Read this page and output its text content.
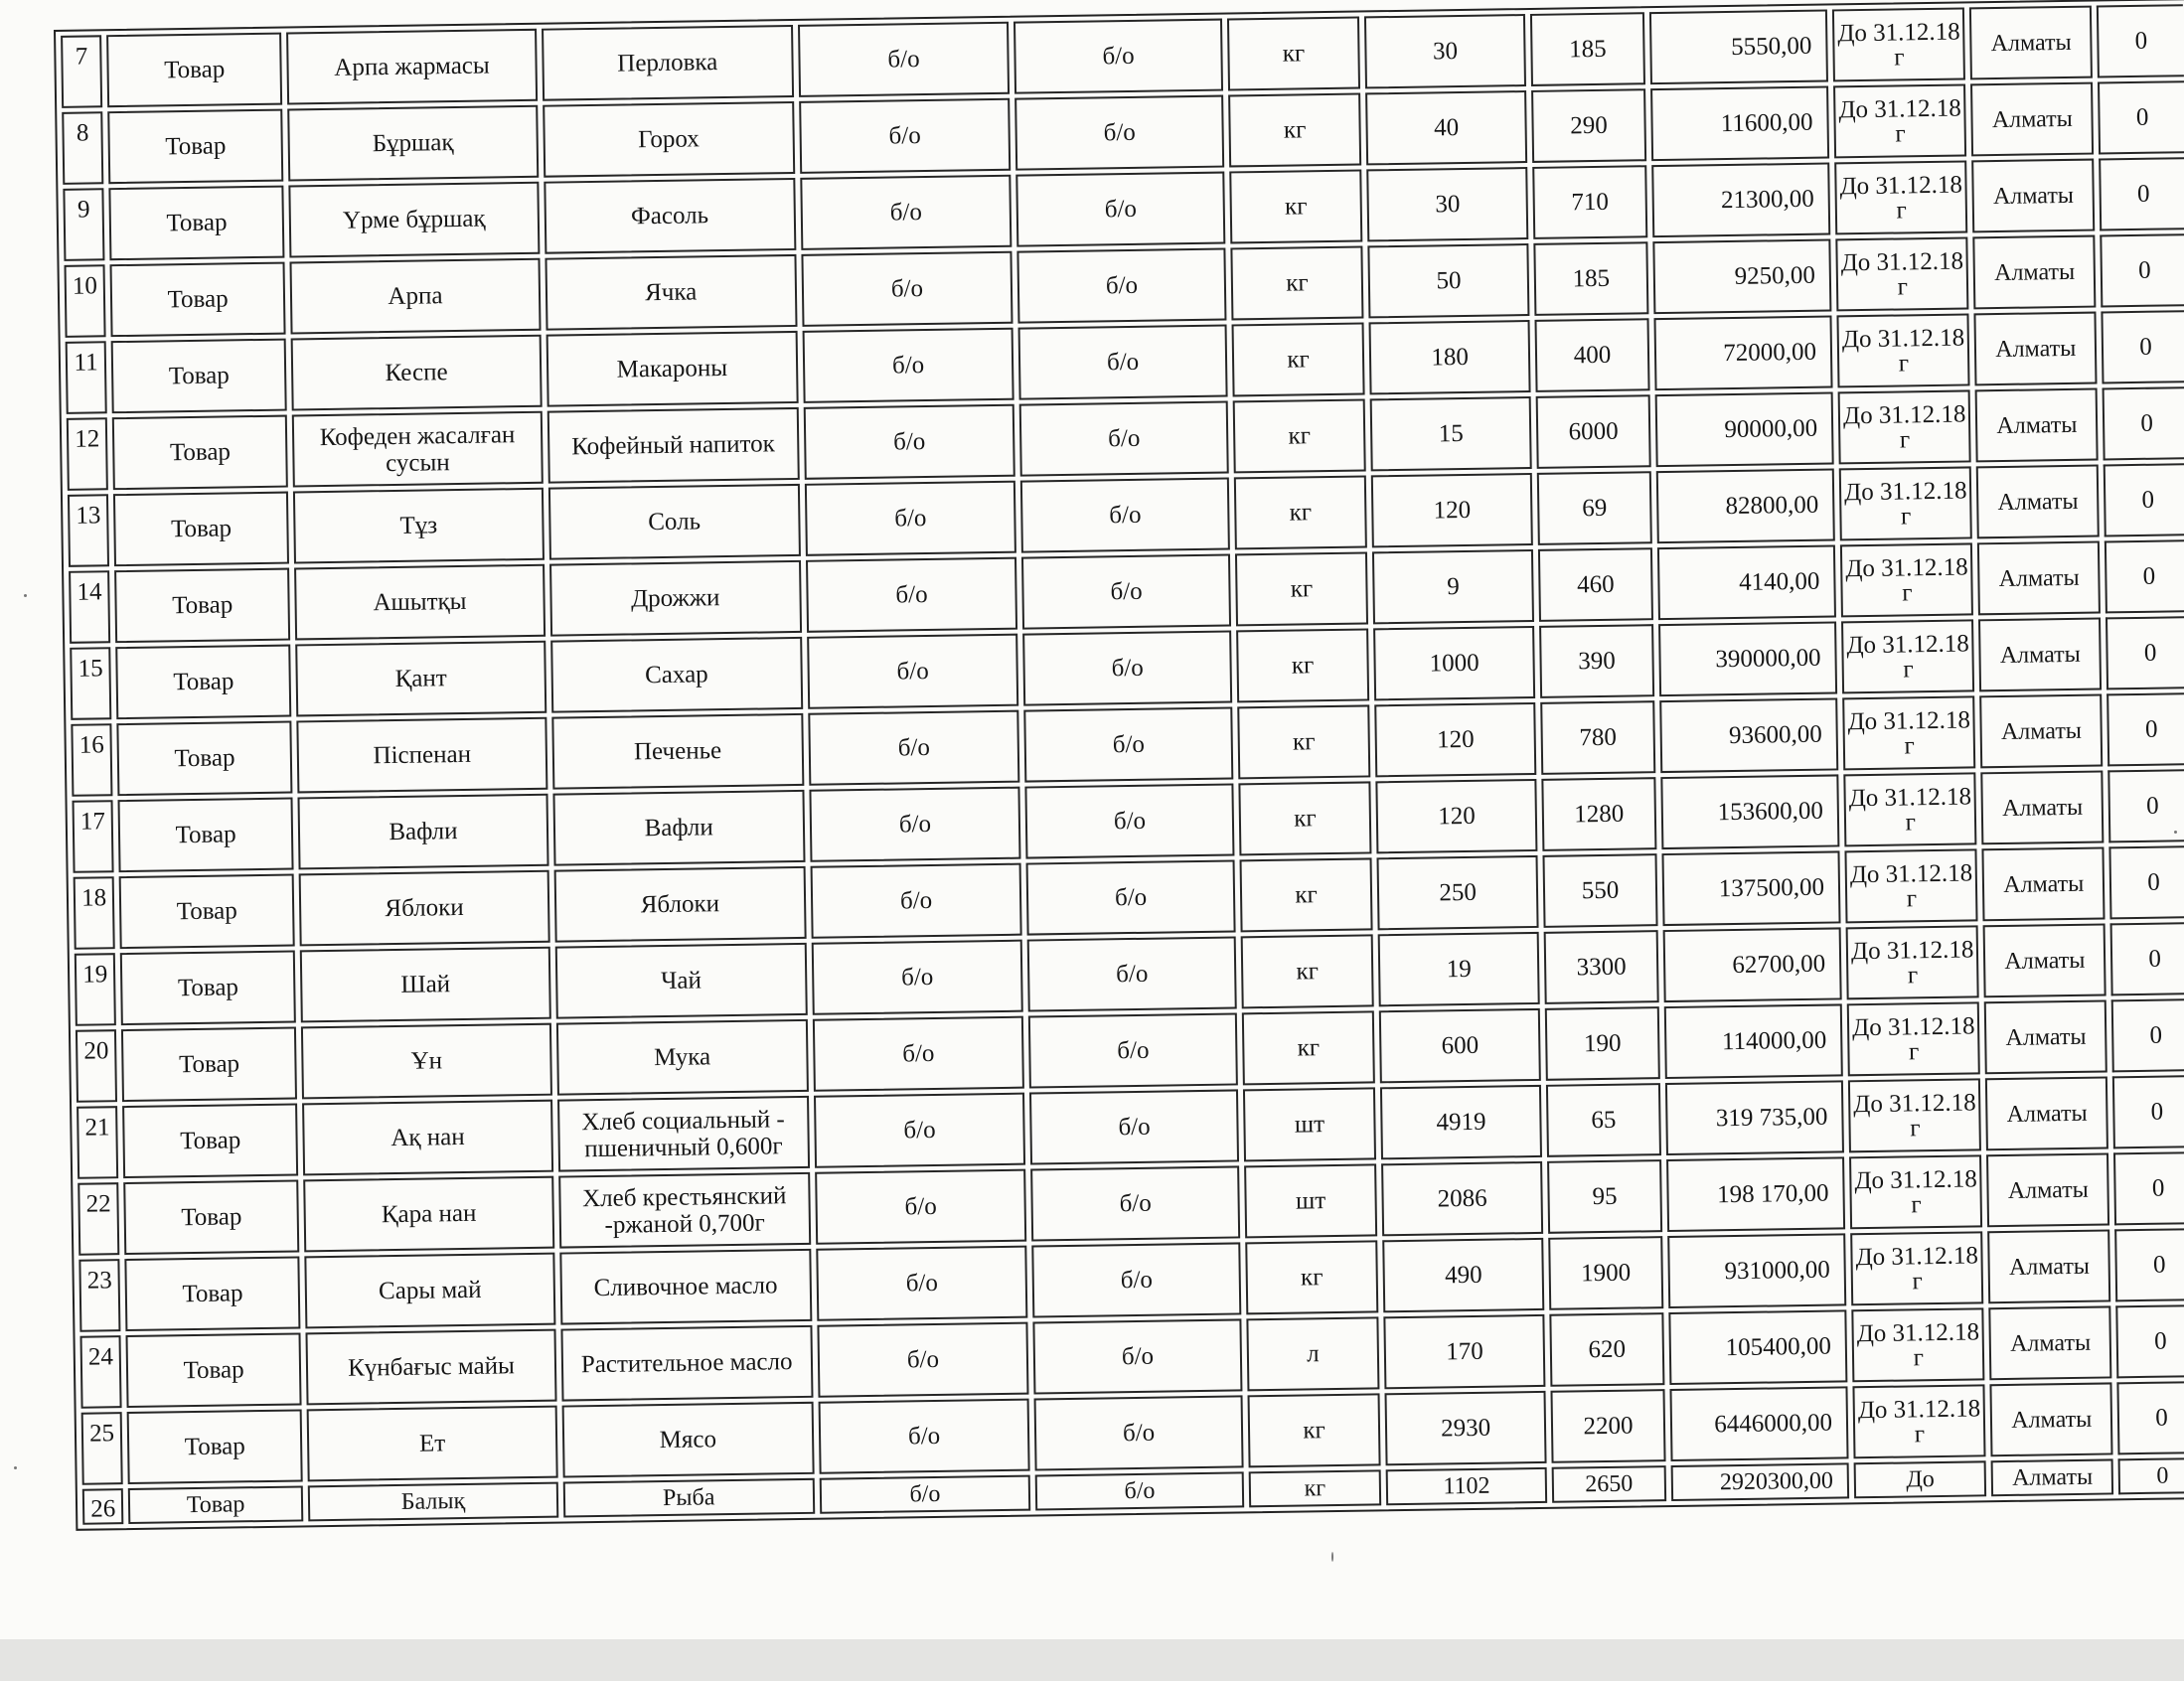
7	Товар	Арпа жармасы	Перловка	б/о	б/о	кг	30	185	5550,00	До 31.12.18 г	Алматы	0
8	Товар	Бұршақ	Горох	б/о	б/о	кг	40	290	11600,00	До 31.12.18 г	Алматы	0
9	Товар	Үрме бұршақ	Фасоль	б/о	б/о	кг	30	710	21300,00	До 31.12.18 г	Алматы	0
10	Товар	Арпа	Ячка	б/о	б/о	кг	50	185	9250,00	До 31.12.18 г	Алматы	0
11	Товар	Кеспе	Макароны	б/о	б/о	кг	180	400	72000,00	До 31.12.18 г	Алматы	0
12	Товар	Кофеден жасалған сусын	Кофейный напиток	б/о	б/о	кг	15	6000	90000,00	До 31.12.18 г	Алматы	0
13	Товар	Тұз	Соль	б/о	б/о	кг	120	69	82800,00	До 31.12.18 г	Алматы	0
14	Товар	Ашытқы	Дрожжи	б/о	б/о	кг	9	460	4140,00	До 31.12.18 г	Алматы	0
15	Товар	Қант	Сахар	б/о	б/о	кг	1000	390	390000,00	До 31.12.18 г	Алматы	0
16	Товар	Піспенан	Печенье	б/о	б/о	кг	120	780	93600,00	До 31.12.18 г	Алматы	0
17	Товар	Вафли	Вафли	б/о	б/о	кг	120	1280	153600,00	До 31.12.18 г	Алматы	0
18	Товар	Яблоки	Яблоки	б/о	б/о	кг	250	550	137500,00	До 31.12.18 г	Алматы	0
19	Товар	Шай	Чай	б/о	б/о	кг	19	3300	62700,00	До 31.12.18 г	Алматы	0
20	Товар	Ұн	Мука	б/о	б/о	кг	600	190	114000,00	До 31.12.18 г	Алматы	0
21	Товар	Ақ нан	Хлеб социальный - пшеничный 0,600г	б/о	б/о	шт	4919	65	319 735,00	До 31.12.18 г	Алматы	0
22	Товар	Қара нан	Хлеб крестьянский -ржаной 0,700г	б/о	б/о	шт	2086	95	198 170,00	До 31.12.18 г	Алматы	0
23	Товар	Сары май	Сливочное масло	б/о	б/о	кг	490	1900	931000,00	До 31.12.18 г	Алматы	0
24	Товар	Күнбағыс майы	Растительное масло	б/о	б/о	л	170	620	105400,00	До 31.12.18 г	Алматы	0
25	Товар	Ет	Мясо	б/о	б/о	кг	2930	2200	6446000,00	До 31.12.18 г	Алматы	0
26	Товар	Балық	Рыба	б/о	б/о	кг	1102	2650	2920300,00	До	Алматы	0
